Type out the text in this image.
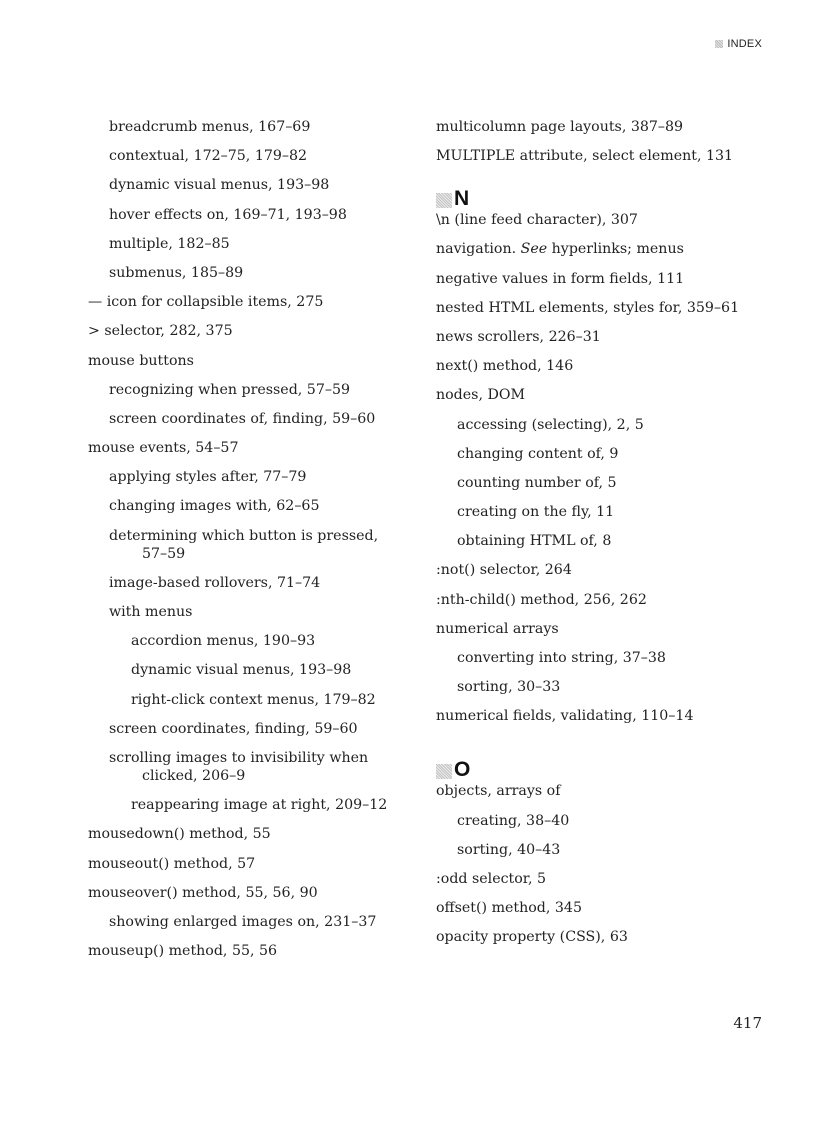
INDEX
breadcrumb menus, 167–69
contextual, 172–75, 179–82
dynamic visual menus, 193–98
hover effects on, 169–71, 193–98
multiple, 182–85
submenus, 185–89
— icon for collapsible items, 275
> selector, 282, 375
mouse buttons
recognizing when pressed, 57–59
screen coordinates of, finding, 59–60
mouse events, 54–57
applying styles after, 77–79
changing images with, 62–65
determining which button is pressed, 57–59
image-based rollovers, 71–74
with menus
accordion menus, 190–93
dynamic visual menus, 193–98
right-click context menus, 179–82
screen coordinates, finding, 59–60
scrolling images to invisibility when clicked, 206–9
reappearing image at right, 209–12
mousedown() method, 55
mouseout() method, 57
mouseover() method, 55, 56, 90
showing enlarged images on, 231–37
mouseup() method, 55, 56
multicolumn page layouts, 387–89
MULTIPLE attribute, select element, 131
N
\n (line feed character), 307
navigation. See hyperlinks; menus
negative values in form fields, 111
nested HTML elements, styles for, 359–61
news scrollers, 226–31
next() method, 146
nodes, DOM
accessing (selecting), 2, 5
changing content of, 9
counting number of, 5
creating on the fly, 11
obtaining HTML of, 8
:not() selector, 264
:nth-child() method, 256, 262
numerical arrays
converting into string, 37–38
sorting, 30–33
numerical fields, validating, 110–14
O
objects, arrays of
creating, 38–40
sorting, 40–43
:odd selector, 5
offset() method, 345
opacity property (CSS), 63
417
